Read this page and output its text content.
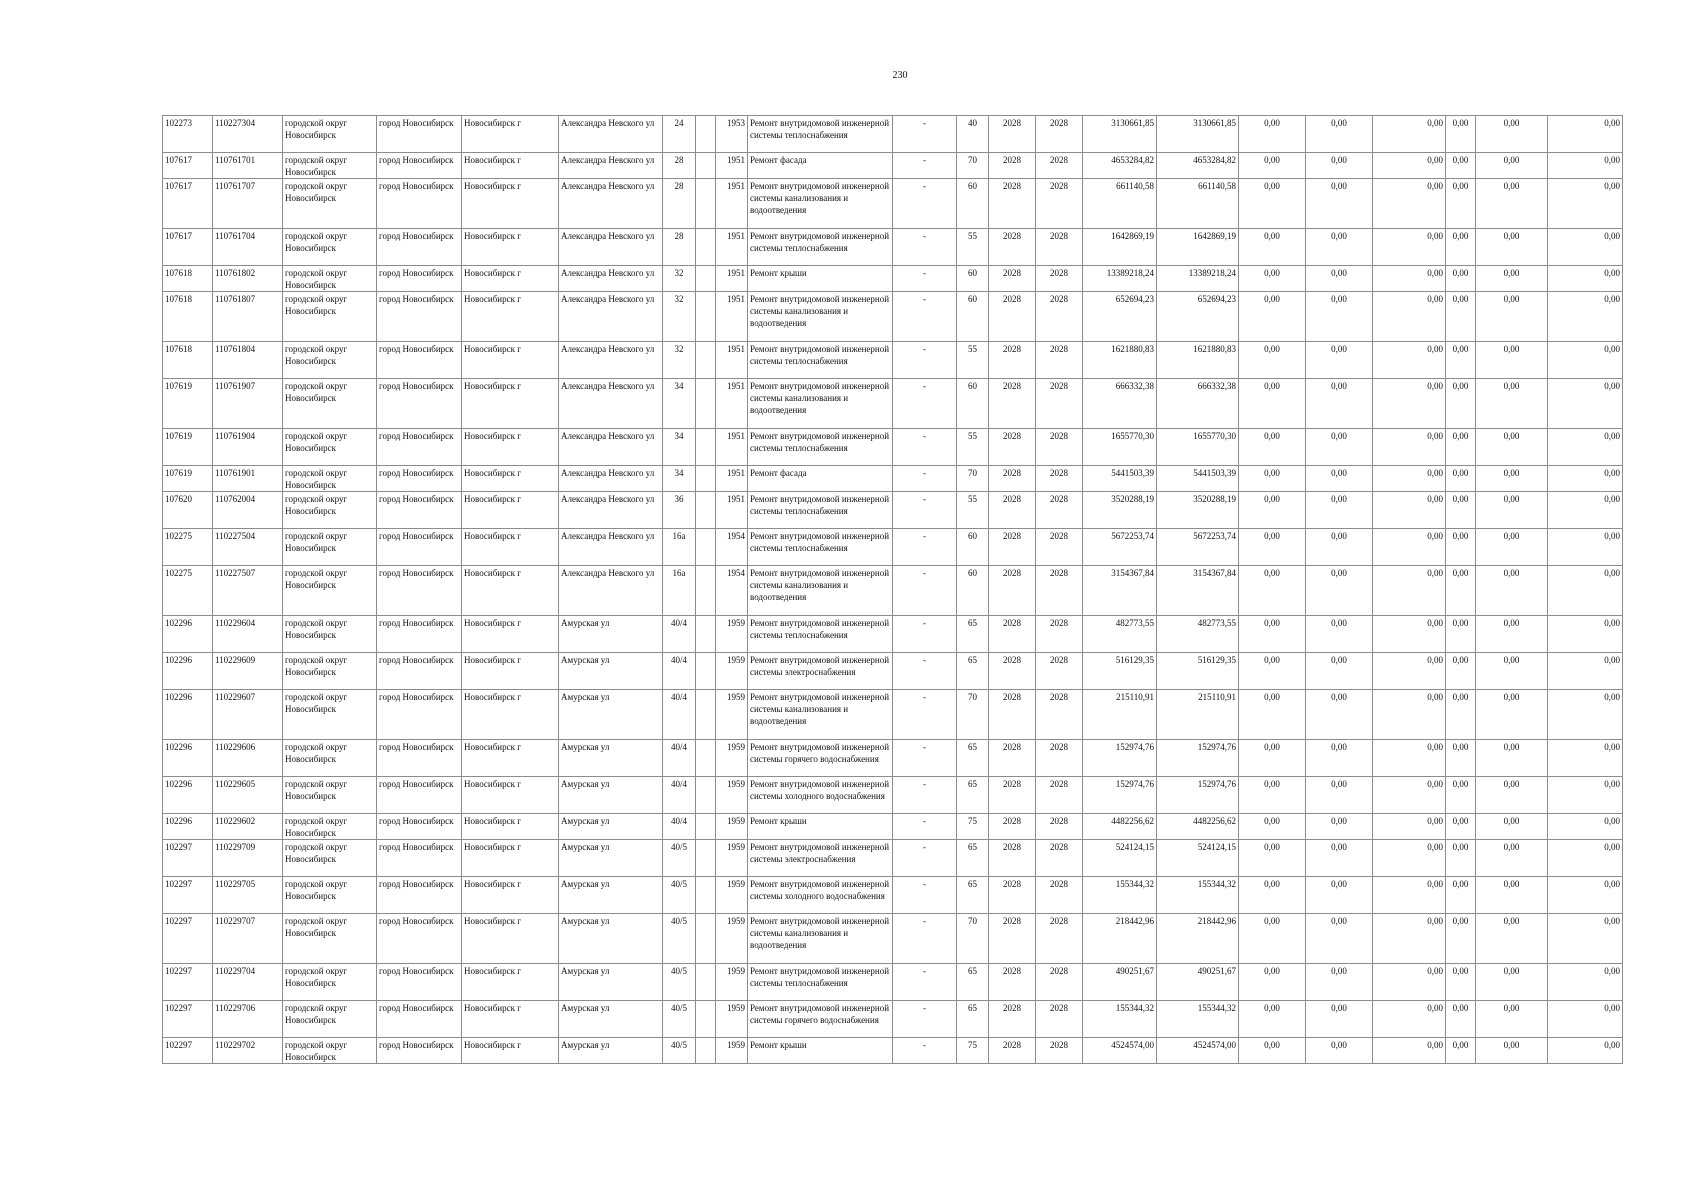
230
102273	110227304	городской округ Новосибирск	город Новосибирск	Новосибирск г	Александра Невского ул	24		1953	Ремонт внутридомовой инженерной системы теплоснабжения	-	40	2028	2028	3130661,85	3130661,85	0,00	0,00	0,00	0,00	0,00	0,00
107617	110761701	городской округ Новосибирск	город Новосибирск	Новосибирск г	Александра Невского ул	28		1951	Ремонт фасада	-	70	2028	2028	4653284,82	4653284,82	0,00	0,00	0,00	0,00	0,00	0,00
107617	110761707	городской округ Новосибирск	город Новосибирск	Новосибирск г	Александра Невского ул	28		1951	Ремонт внутридомовой инженерной системы канализования и водоотведения	-	60	2028	2028	661140,58	661140,58	0,00	0,00	0,00	0,00	0,00	0,00
107617	110761704	городской округ Новосибирск	город Новосибирск	Новосибирск г	Александра Невского ул	28		1951	Ремонт внутридомовой инженерной системы теплоснабжения	-	55	2028	2028	1642869,19	1642869,19	0,00	0,00	0,00	0,00	0,00	0,00
107618	110761802	городской округ Новосибирск	город Новосибирск	Новосибирск г	Александра Невского ул	32		1951	Ремонт крыши	-	60	2028	2028	13389218,24	13389218,24	0,00	0,00	0,00	0,00	0,00	0,00
107618	110761807	городской округ Новосибирск	город Новосибирск	Новосибирск г	Александра Невского ул	32		1951	Ремонт внутридомовой инженерной системы канализования и водоотведения	-	60	2028	2028	652694,23	652694,23	0,00	0,00	0,00	0,00	0,00	0,00
107618	110761804	городской округ Новосибирск	город Новосибирск	Новосибирск г	Александра Невского ул	32		1951	Ремонт внутридомовой инженерной системы теплоснабжения	-	55	2028	2028	1621880,83	1621880,83	0,00	0,00	0,00	0,00	0,00	0,00
107619	110761907	городской округ Новосибирск	город Новосибирск	Новосибирск г	Александра Невского ул	34		1951	Ремонт внутридомовой инженерной системы канализования и водоотведения	-	60	2028	2028	666332,38	666332,38	0,00	0,00	0,00	0,00	0,00	0,00
107619	110761904	городской округ Новосибирск	город Новосибирск	Новосибирск г	Александра Невского ул	34		1951	Ремонт внутридомовой инженерной системы теплоснабжения	-	55	2028	2028	1655770,30	1655770,30	0,00	0,00	0,00	0,00	0,00	0,00
107619	110761901	городской округ Новосибирск	город Новосибирск	Новосибирск г	Александра Невского ул	34		1951	Ремонт фасада	-	70	2028	2028	5441503,39	5441503,39	0,00	0,00	0,00	0,00	0,00	0,00
107620	110762004	городской округ Новосибирск	город Новосибирск	Новосибирск г	Александра Невского ул	36		1951	Ремонт внутридомовой инженерной системы теплоснабжения	-	55	2028	2028	3520288,19	3520288,19	0,00	0,00	0,00	0,00	0,00	0,00
102275	110227504	городской округ Новосибирск	город Новосибирск	Новосибирск г	Александра Невского ул	16а		1954	Ремонт внутридомовой инженерной системы теплоснабжения	-	60	2028	2028	5672253,74	5672253,74	0,00	0,00	0,00	0,00	0,00	0,00
102275	110227507	городской округ Новосибирск	город Новосибирск	Новосибирск г	Александра Невского ул	16а		1954	Ремонт внутридомовой инженерной системы канализования и водоотведения	-	60	2028	2028	3154367,84	3154367,84	0,00	0,00	0,00	0,00	0,00	0,00
102296	110229604	городской округ Новосибирск	город Новосибирск	Новосибирск г	Амурская ул	40/4		1959	Ремонт внутридомовой инженерной системы теплоснабжения	-	65	2028	2028	482773,55	482773,55	0,00	0,00	0,00	0,00	0,00	0,00
102296	110229609	городской округ Новосибирск	город Новосибирск	Новосибирск г	Амурская ул	40/4		1959	Ремонт внутридомовой инженерной системы электроснабжения	-	65	2028	2028	516129,35	516129,35	0,00	0,00	0,00	0,00	0,00	0,00
102296	110229607	городской округ Новосибирск	город Новосибирск	Новосибирск г	Амурская ул	40/4		1959	Ремонт внутридомовой инженерной системы канализования и водоотведения	-	70	2028	2028	215110,91	215110,91	0,00	0,00	0,00	0,00	0,00	0,00
102296	110229606	городской округ Новосибирск	город Новосибирск	Новосибирск г	Амурская ул	40/4		1959	Ремонт внутридомовой инженерной системы горячего водоснабжения	-	65	2028	2028	152974,76	152974,76	0,00	0,00	0,00	0,00	0,00	0,00
102296	110229605	городской округ Новосибирск	город Новосибирск	Новосибирск г	Амурская ул	40/4		1959	Ремонт внутридомовой инженерной системы холодного водоснабжения	-	65	2028	2028	152974,76	152974,76	0,00	0,00	0,00	0,00	0,00	0,00
102296	110229602	городской округ Новосибирск	город Новосибирск	Новосибирск г	Амурская ул	40/4		1959	Ремонт крыши	-	75	2028	2028	4482256,62	4482256,62	0,00	0,00	0,00	0,00	0,00	0,00
102297	110229709	городской округ Новосибирск	город Новосибирск	Новосибирск г	Амурская ул	40/5		1959	Ремонт внутридомовой инженерной системы электроснабжения	-	65	2028	2028	524124,15	524124,15	0,00	0,00	0,00	0,00	0,00	0,00
102297	110229705	городской округ Новосибирск	город Новосибирск	Новосибирск г	Амурская ул	40/5		1959	Ремонт внутридомовой инженерной системы холодного водоснабжения	-	65	2028	2028	155344,32	155344,32	0,00	0,00	0,00	0,00	0,00	0,00
102297	110229707	городской округ Новосибирск	город Новосибирск	Новосибирск г	Амурская ул	40/5		1959	Ремонт внутридомовой инженерной системы канализования и водоотведения	-	70	2028	2028	218442,96	218442,96	0,00	0,00	0,00	0,00	0,00	0,00
102297	110229704	городской округ Новосибирск	город Новосибирск	Новосибирск г	Амурская ул	40/5		1959	Ремонт внутридомовой инженерной системы теплоснабжения	-	65	2028	2028	490251,67	490251,67	0,00	0,00	0,00	0,00	0,00	0,00
102297	110229706	городской округ Новосибирск	город Новосибирск	Новосибирск г	Амурская ул	40/5		1959	Ремонт внутридомовой инженерной системы горячего водоснабжения	-	65	2028	2028	155344,32	155344,32	0,00	0,00	0,00	0,00	0,00	0,00
102297	110229702	городской округ Новосибирск	город Новосибирск	Новосибирск г	Амурская ул	40/5		1959	Ремонт крыши	-	75	2028	2028	4524574,00	4524574,00	0,00	0,00	0,00	0,00	0,00	0,00
